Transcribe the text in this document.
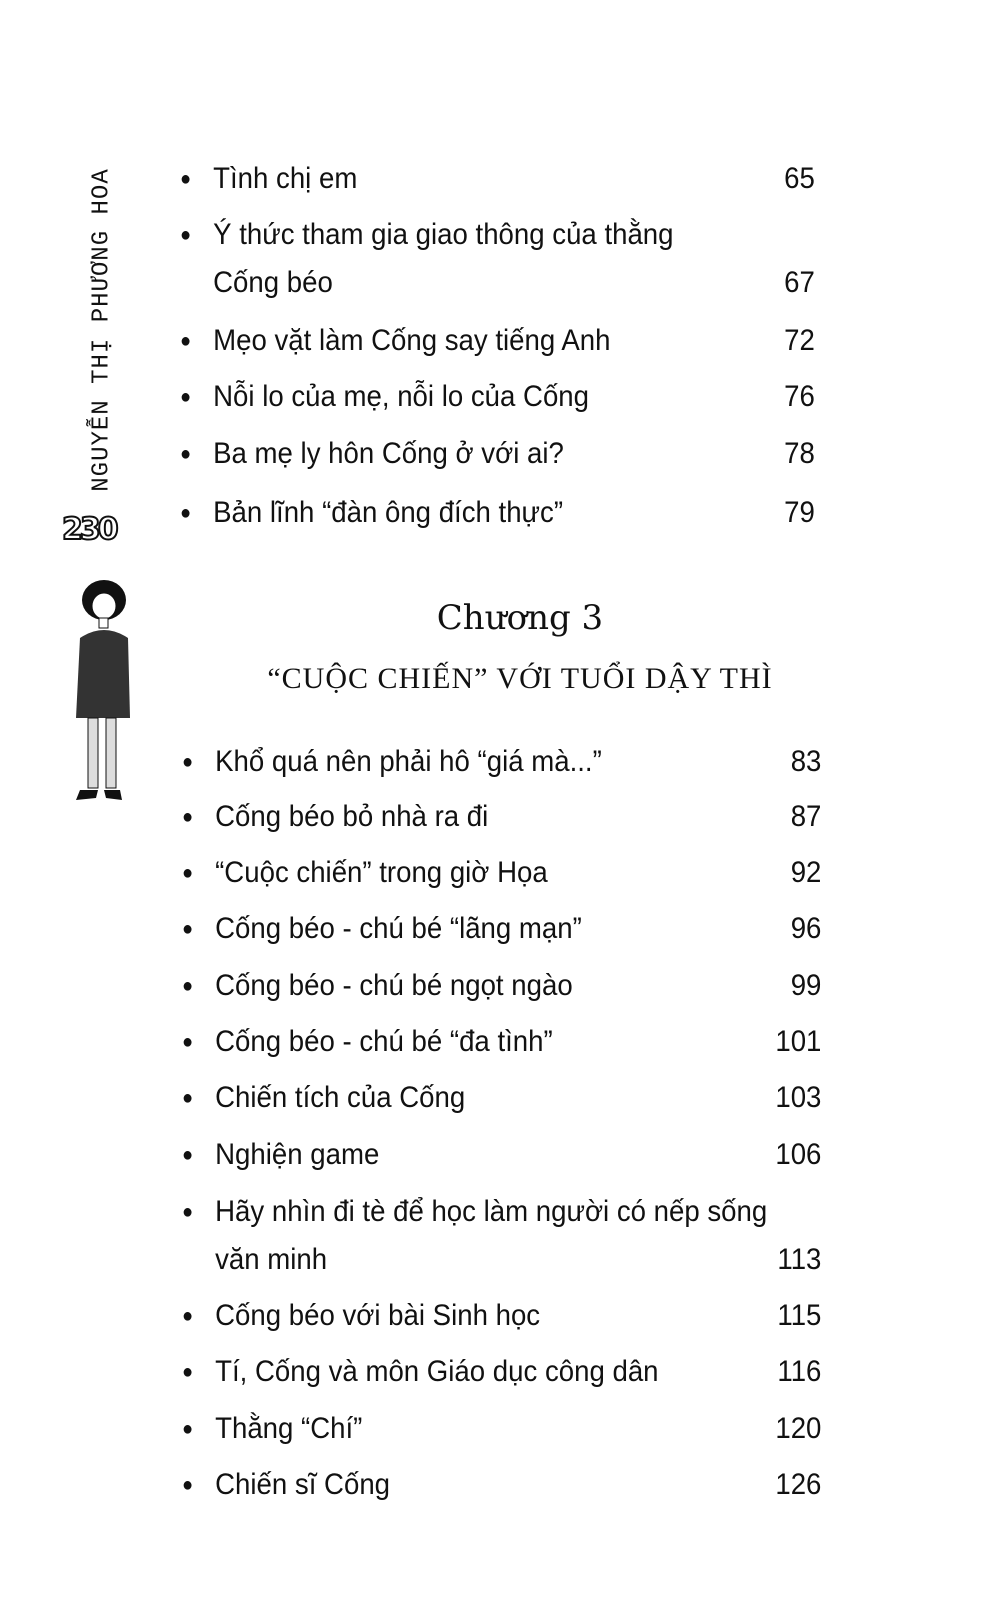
NGUYỄN THỊ PHƯƠNG HOA
230
● Tình chị em	65
● Ý thức tham gia giao thông của thằng
Cống béo	67
● Mẹo vặt làm Cống say tiếng Anh	72
● Nỗi lo của mẹ, nỗi lo của Cống	76
● Ba mẹ ly hôn Cống ở với ai?	78
● Bản lĩnh “đàn ông đích thực”	79
Chương 3
“CUỘC CHIẾN” VỚI TUỔI DẬY THÌ
● Khổ quá nên phải hô “giá mà...”	83
● Cống béo bỏ nhà ra đi	87
● “Cuộc chiến” trong giờ Họa	92
● Cống béo - chú bé “lãng mạn”	96
● Cống béo - chú bé ngọt ngào	99
● Cống béo - chú bé “đa tình”	101
● Chiến tích của Cống	103
● Nghiện game	106
● Hãy nhìn đi tè để học làm người có nếp sống
văn minh	113
● Cống béo với bài Sinh học	115
● Tí, Cống và môn Giáo dục công dân	116
● Thằng “Chí”	120
● Chiến sĩ Cống	126
